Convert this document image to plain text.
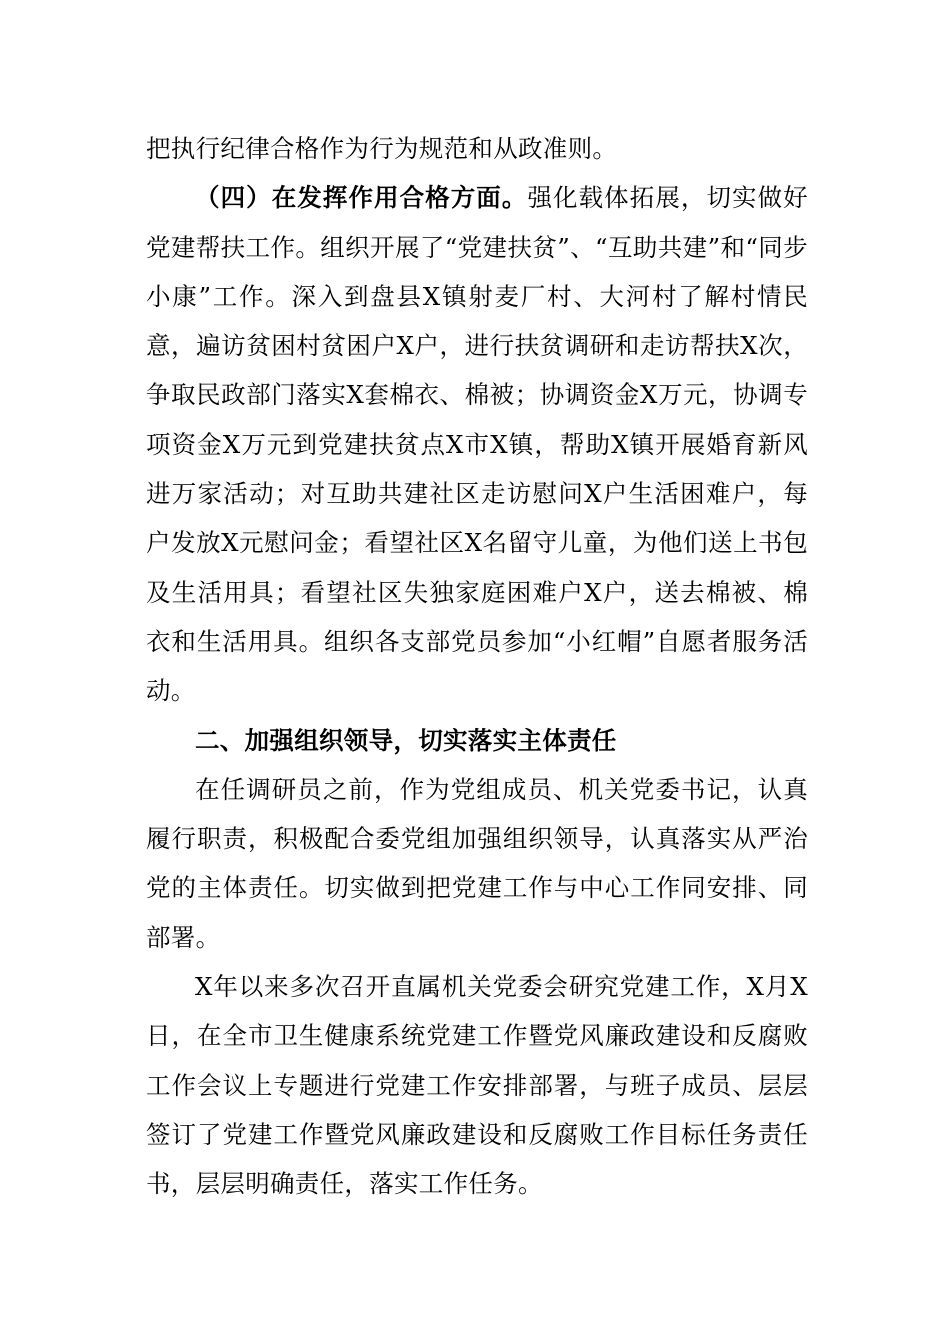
把执行纪律合格作为行为规范和从政准则。

（四）在发挥作用合格方面。强化载体拓展，切实做好党建帮扶工作。组织开展了“党建扶贫”、“互助共建”和“同步小康”工作。深入到盘县X镇射麦厂村、大河村了解村情民意，遍访贫困村贫困户X户，进行扶贫调研和走访帮扶X次，争取民政部门落实X套棉衣、棉被；协调资金X万元，协调专项资金X万元到党建扶贫点X市X镇，帮助X镇开展婚育新风进万家活动；对互助共建社区走访慰问X户生活困难户，每户发放X元慰问金；看望社区X名留守儿童，为他们送上书包及生活用具；看望社区失独家庭困难户X户，送去棉被、棉衣和生活用具。组织各支部党员参加“小红帽”自愿者服务活动。

二、加强组织领导，切实落实主体责任

在任调研员之前，作为党组成员、机关党委书记，认真履行职责，积极配合委党组加强组织领导，认真落实从严治党的主体责任。切实做到把党建工作与中心工作同安排、同部署。

X年以来多次召开直属机关党委会研究党建工作，X月X日，在全市卫生健康系统党建工作暨党风廉政建设和反腐败工作会议上专题进行党建工作安排部署，与班子成员、层层签订了党建工作暨党风廉政建设和反腐败工作目标任务责任书，层层明确责任，落实工作任务。
